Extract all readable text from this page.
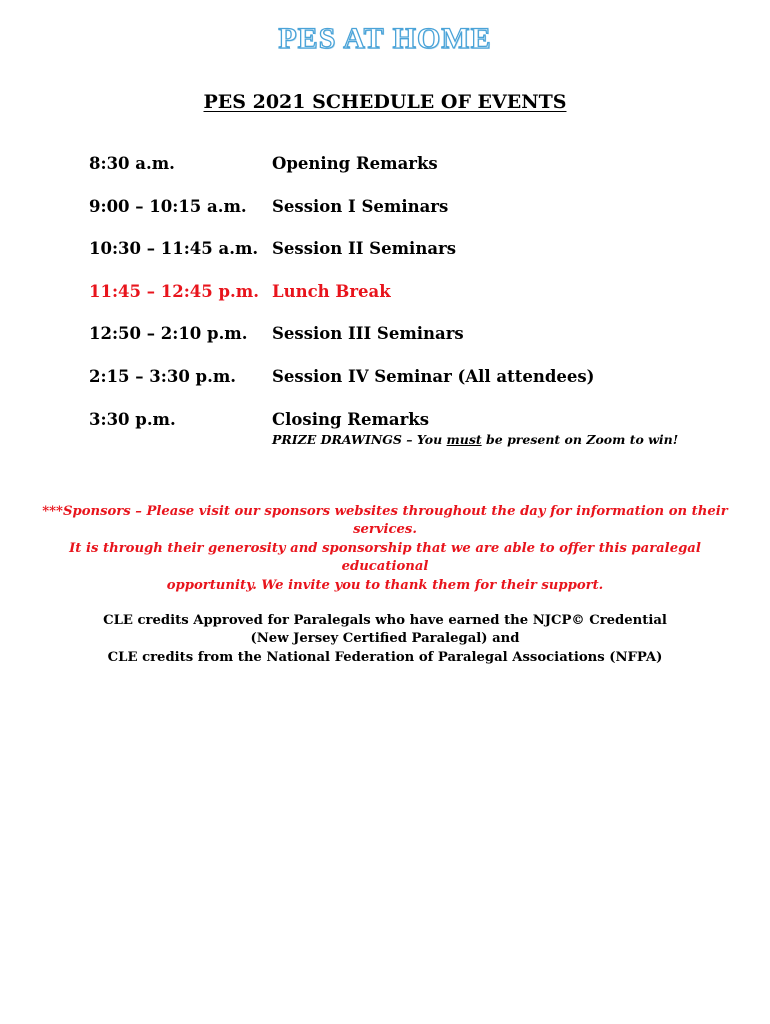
PES AT HOME
PES 2021 SCHEDULE OF EVENTS
8:30 a.m.	Opening Remarks
9:00 – 10:15 a.m. Session I Seminars
10:30 – 11:45 a.m. Session II Seminars
11:45 – 12:45 p.m. Lunch Break
12:50 – 2:10 p.m. Session III Seminars
2:15 – 3:30 p.m. Session IV Seminar (All attendees)
3:30 p.m.	Closing Remarks
PRIZE DRAWINGS – You must be present on Zoom to win!
***Sponsors – Please visit our sponsors websites throughout the day for information on their
services.
It is through their generosity and sponsorship that we are able to offer this paralegal educational
opportunity. We invite you to thank them for their support.
CLE credits Approved for Paralegals who have earned the NJCP© Credential
(New Jersey Certified Paralegal) and
CLE credits from the National Federation of Paralegal Associations (NFPA)
